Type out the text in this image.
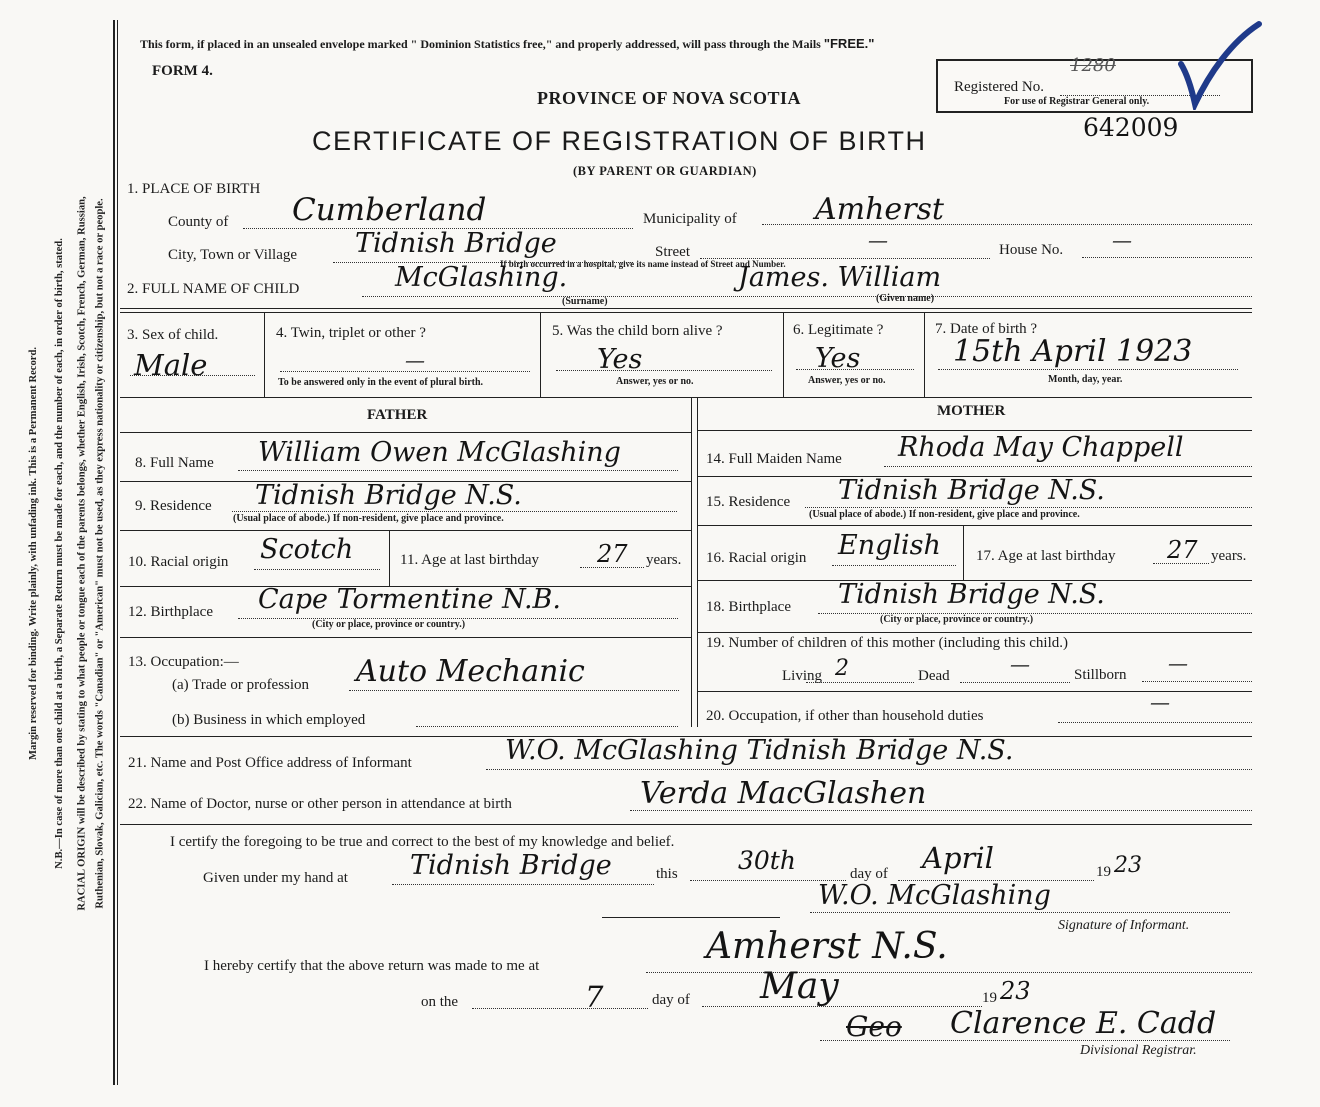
Margin reserved for binding. Write plainly, with unfading ink. This is a Permanent Record. N.B.—In case of more than one child at a birth, a Separate Return must be made for each, and the number of each, in order of birth, stated. RACIAL ORIGIN will be described by stating to what people or tongue each of the parents belongs, whether English, Irish, Scotch, French, German, Russian, Ruthenian, Slovak, Galician, etc. The words "Canadian" or "American" must not be used, as they express nationality or citizenship, but not a race or people.
This form, if placed in an unsealed envelope marked " Dominion Statistics free," and properly addressed, will pass through the Mails "FREE."
FORM 4.
PROVINCE OF NOVA SCOTIA
CERTIFICATE OF REGISTRATION OF BIRTH	642009
(BY PARENT OR GUARDIAN)
Registered No.
1280
For use of Registrar General only.
1. PLACE OF BIRTH
County of Cumberland	Municipality of	Amherst
City, Town or Village Tidnish Bridge	Street	—	House No. —
If birth occurred in a hospital, give its name instead of Street and Number.
2. FULL NAME OF CHILD	McGlashing.
(Surname)
James. William
(Given name)
3. Sex of child.
Male
4. Twin, triplet or other ?
—
To be answered only in the event of plural birth.
5. Was the child born alive ?
Yes
Answer, yes or no.
6. Legitimate ?
Yes
Answer, yes or no.
7. Date of birth ?
15th April 1923
Month, day, year.
FATHER	MOTHER
8. Full Name William Owen McGlashing
9. Residence Tidnish Bridge N.S.
(Usual place of abode.) If non-resident, give place and province.
10. Racial origin Scotch	11. Age at last birthday 27 years.
12. Birthplace Cape Tormentine N.B.
(City or place, province or country.)
13. Occupation:—
(a) Trade or profession Auto Mechanic
(b) Business in which employed
14. Full Maiden Name Rhoda May Chappell
15. Residence Tidnish Bridge N.S.
(Usual place of abode.) If non-resident, give place and province.
16. Racial origin English 17. Age at last birthday 27 years.
18. Birthplace Tidnish Bridge N.S.
(City or place, province or country.)
19. Number of children of this mother (including this child.)
Living 2	Dead	—	Stillborn —
20. Occupation, if other than household duties
—
21. Name and Post Office address of Informant	W.O. McGlashing Tidnish Bridge N.S.
22. Name of Doctor, nurse or other person in attendance at birth	Verda MacGlashen
I certify the foregoing to be true and correct to the best of my knowledge and belief.
Given under my hand at Tidnish Bridge	this 30th	day of April	19 23
W.O. McGlashing
Signature of Informant.
I hereby certify that the above return was made to me at	Amherst N.S.
on the	7	day of May	19 23
Geo Clarence E. Cadd
Divisional Registrar.
